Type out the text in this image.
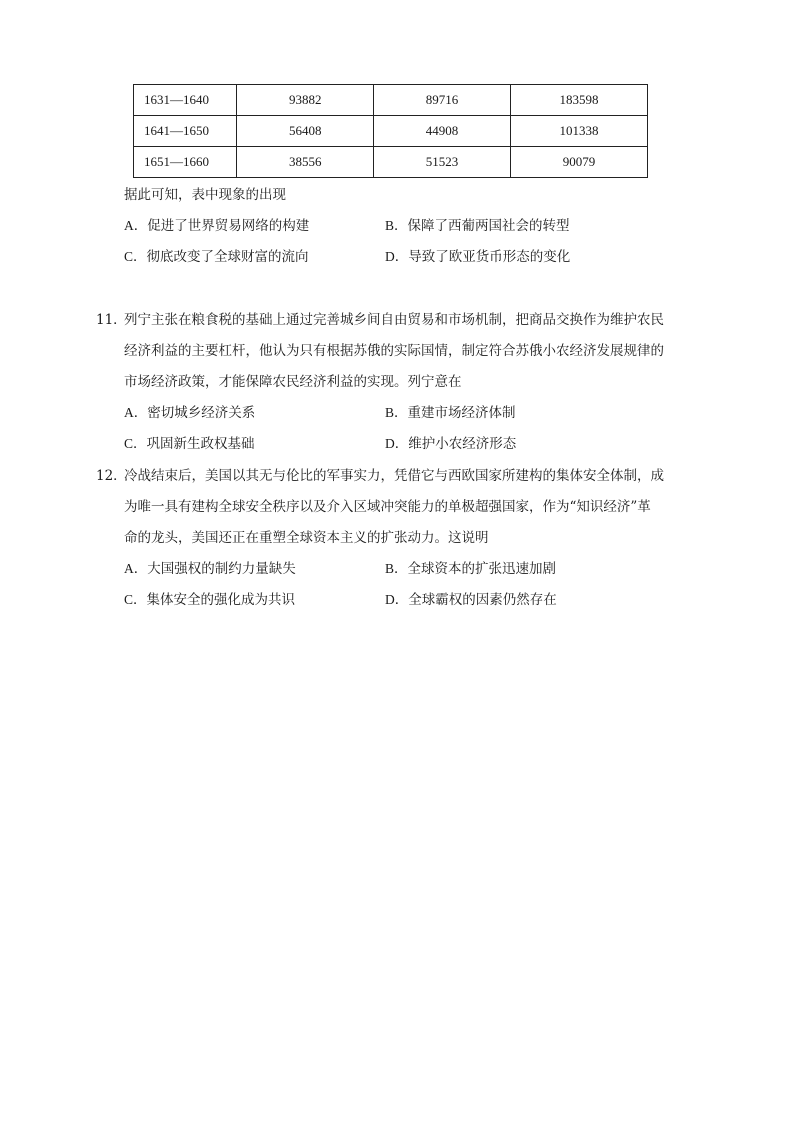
1631—1640	93882	89716	183598
1641—1650	56408	44908	101338
1651—1660	38556	51523	90079
据此可知，表中现象的出现
A．促进了世界贸易网络的构建	B．保障了西葡两国社会的转型
C．彻底改变了全球财富的流向	D．导致了欧亚货币形态的变化
11．
列宁主张在粮食税的基础上通过完善城乡间自由贸易和市场机制，把商品交换作为维护农民
经济利益的主要杠杆，他认为只有根据苏俄的实际国情，制定符合苏俄小农经济发展规律的
市场经济政策，才能保障农民经济利益的实现。列宁意在
A．密切城乡经济关系	B．重建市场经济体制
C．巩固新生政权基础	D．维护小农经济形态
12．
冷战结束后，美国以其无与伦比的军事实力，凭借它与西欧国家所建构的集体安全体制，成
为唯一具有建构全球安全秩序以及介入区域冲突能力的单极超强国家，作为“知识经济”革
命的龙头，美国还正在重塑全球资本主义的扩张动力。这说明
A．大国强权的制约力量缺失	B．全球资本的扩张迅速加剧
C．集体安全的强化成为共识	D．全球霸权的因素仍然存在
